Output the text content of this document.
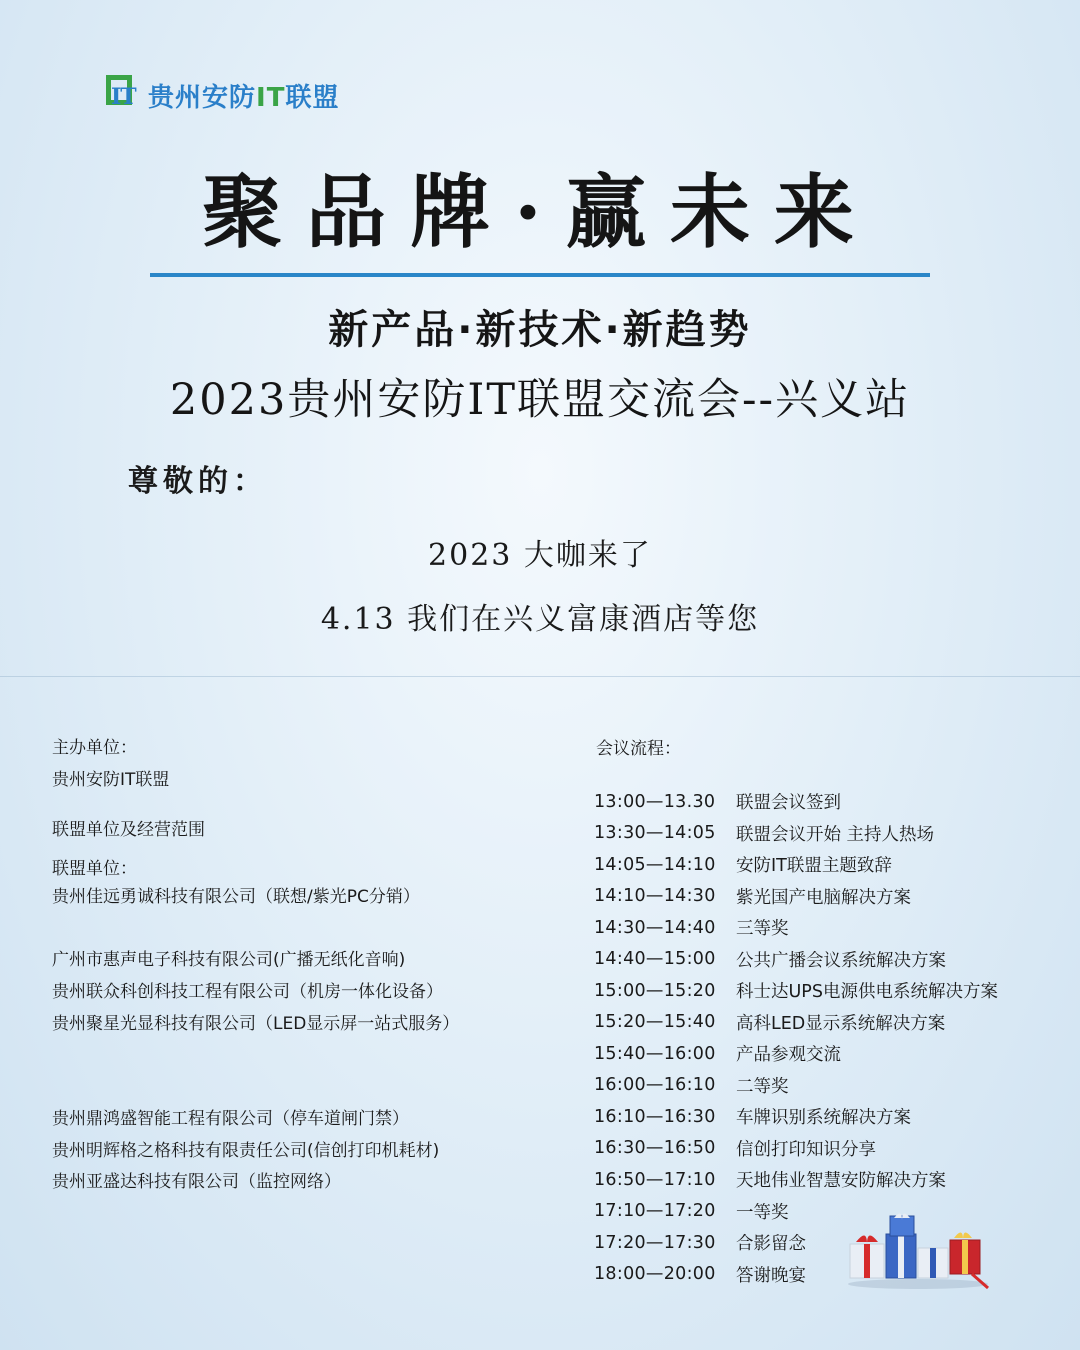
IT 贵州安防IT联盟
聚品牌·赢未来
新产品·新技术·新趋势
2023贵州安防IT联盟交流会--兴义站
尊敬的：
2023 大咖来了
4.13 我们在兴义富康酒店等您
主办单位：
贵州安防IT联盟
联盟单位及经营范围
联盟单位：
贵州佳远勇诚科技有限公司（联想/紫光PC分销）
广州市惠声电子科技有限公司(广播无纸化音响)
贵州联众科创科技工程有限公司（机房一体化设备）
贵州聚星光显科技有限公司（LED显示屏一站式服务）
贵州鼎鸿盛智能工程有限公司（停车道闸门禁）
贵州明辉格之格科技有限责任公司(信创打印机耗材)
贵州亚盛达科技有限公司（监控网络）
会议流程：
13:00—13.30	联盟会议签到
13:30—14:05	联盟会议开始 主持人热场
14:05—14:10	安防IT联盟主题致辞
14:10—14:30	紫光国产电脑解决方案
14:30—14:40	三等奖
14:40—15:00	公共广播会议系统解决方案
15:00—15:20	科士达UPS电源供电系统解决方案
15:20—15:40	高科LED显示系统解决方案
15:40—16:00	产品参观交流
16:00—16:10	二等奖
16:10—16:30	车牌识别系统解决方案
16:30—16:50	信创打印知识分享
16:50—17:10	天地伟业智慧安防解决方案
17:10—17:20	一等奖
17:20—17:30	合影留念
18:00—20:00	答谢晚宴
